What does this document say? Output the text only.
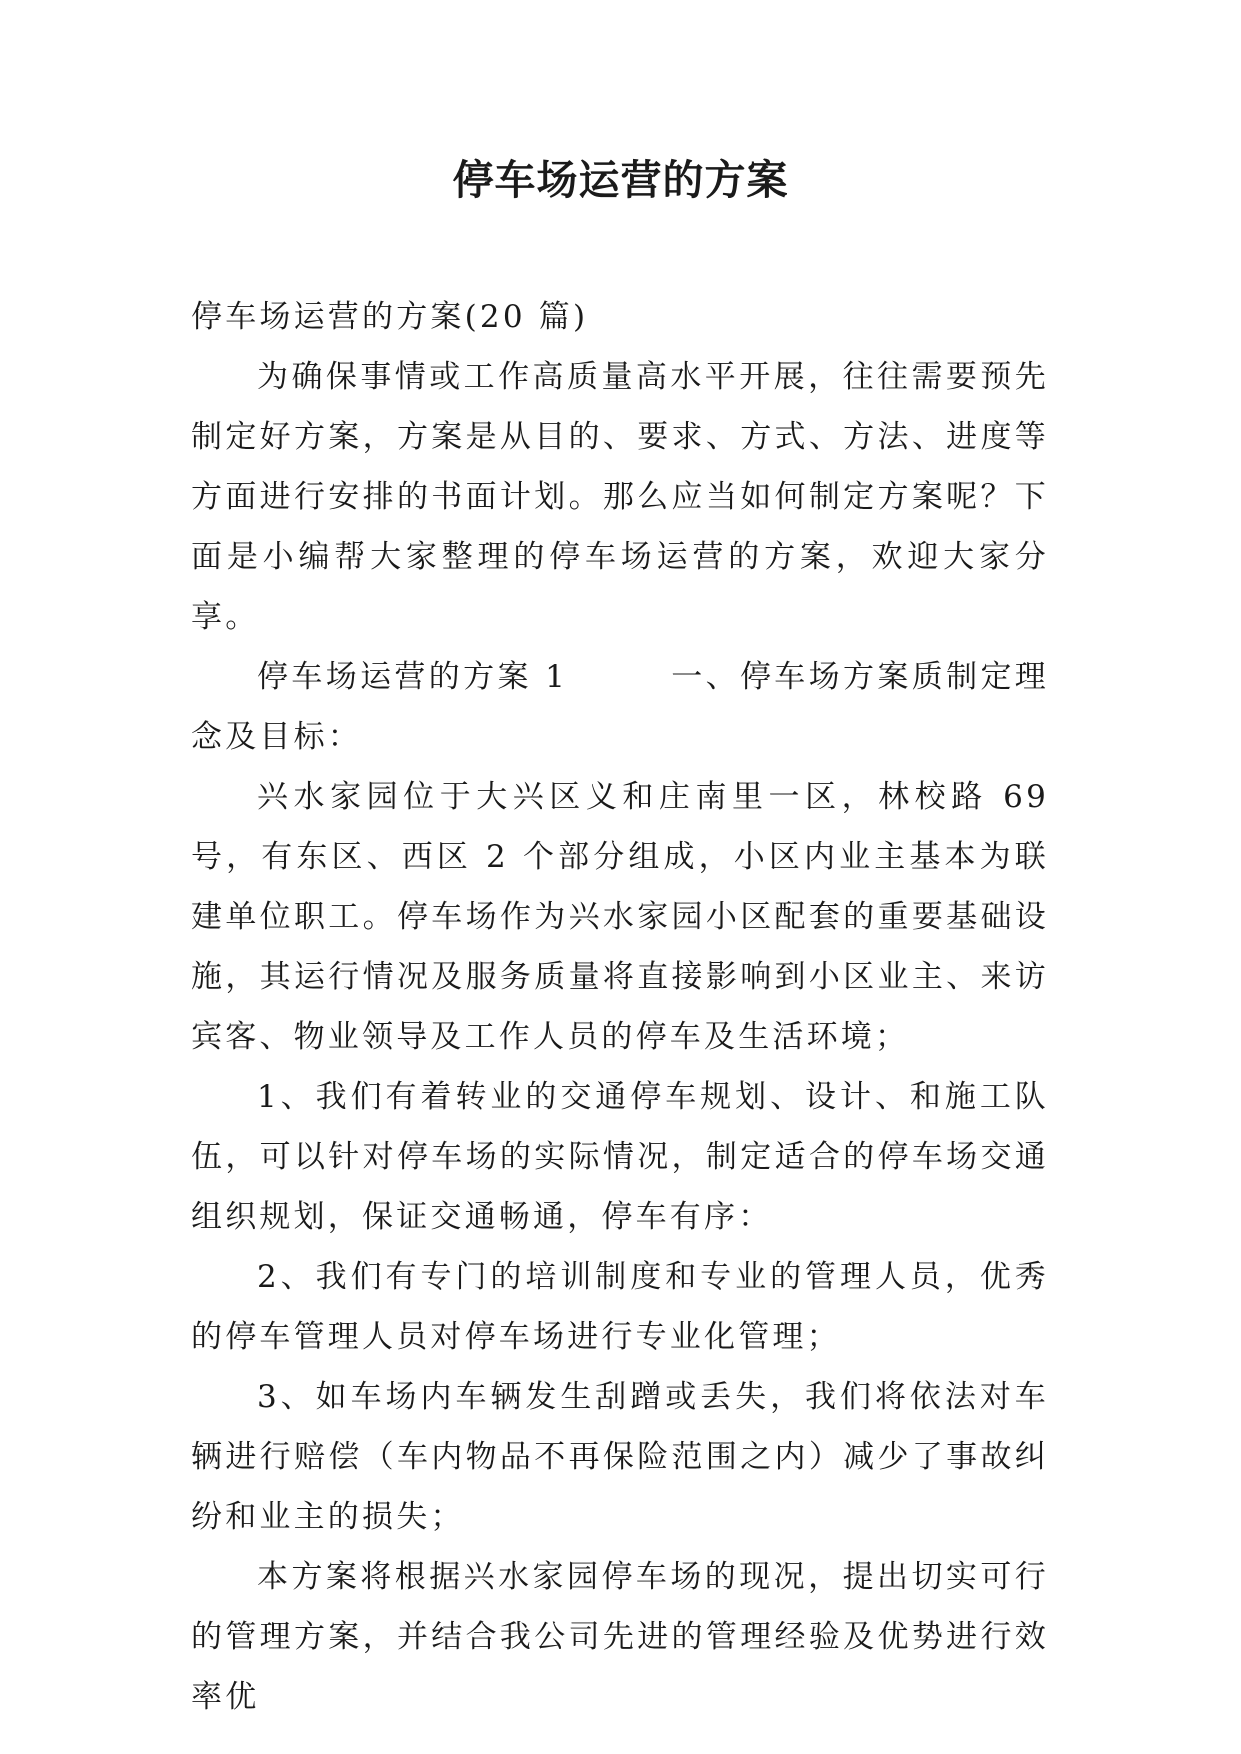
停车场运营的方案

停车场运营的方案(20 篇)

为确保事情或工作高质量高水平开展，往往需要预先制定好方案，方案是从目的、要求、方式、方法、进度等方面进行安排的书面计划。那么应当如何制定方案呢？下面是小编帮大家整理的停车场运营的方案，欢迎大家分享。

停车场运营的方案 1　　　一、停车场方案质制定理念及目标：

兴水家园位于大兴区义和庄南里一区，林校路 69 号，有东区、西区 2 个部分组成，小区内业主基本为联建单位职工。停车场作为兴水家园小区配套的重要基础设施，其运行情况及服务质量将直接影响到小区业主、来访宾客、物业领导及工作人员的停车及生活环境；

1、我们有着转业的交通停车规划、设计、和施工队伍，可以针对停车场的实际情况，制定适合的停车场交通组织规划，保证交通畅通，停车有序：

2、我们有专门的培训制度和专业的管理人员，优秀的停车管理人员对停车场进行专业化管理；

3、如车场内车辆发生刮蹭或丢失，我们将依法对车辆进行赔偿（车内物品不再保险范围之内）减少了事故纠纷和业主的损失；

本方案将根据兴水家园停车场的现况，提出切实可行的管理方案，并结合我公司先进的管理经验及优势进行效率优
